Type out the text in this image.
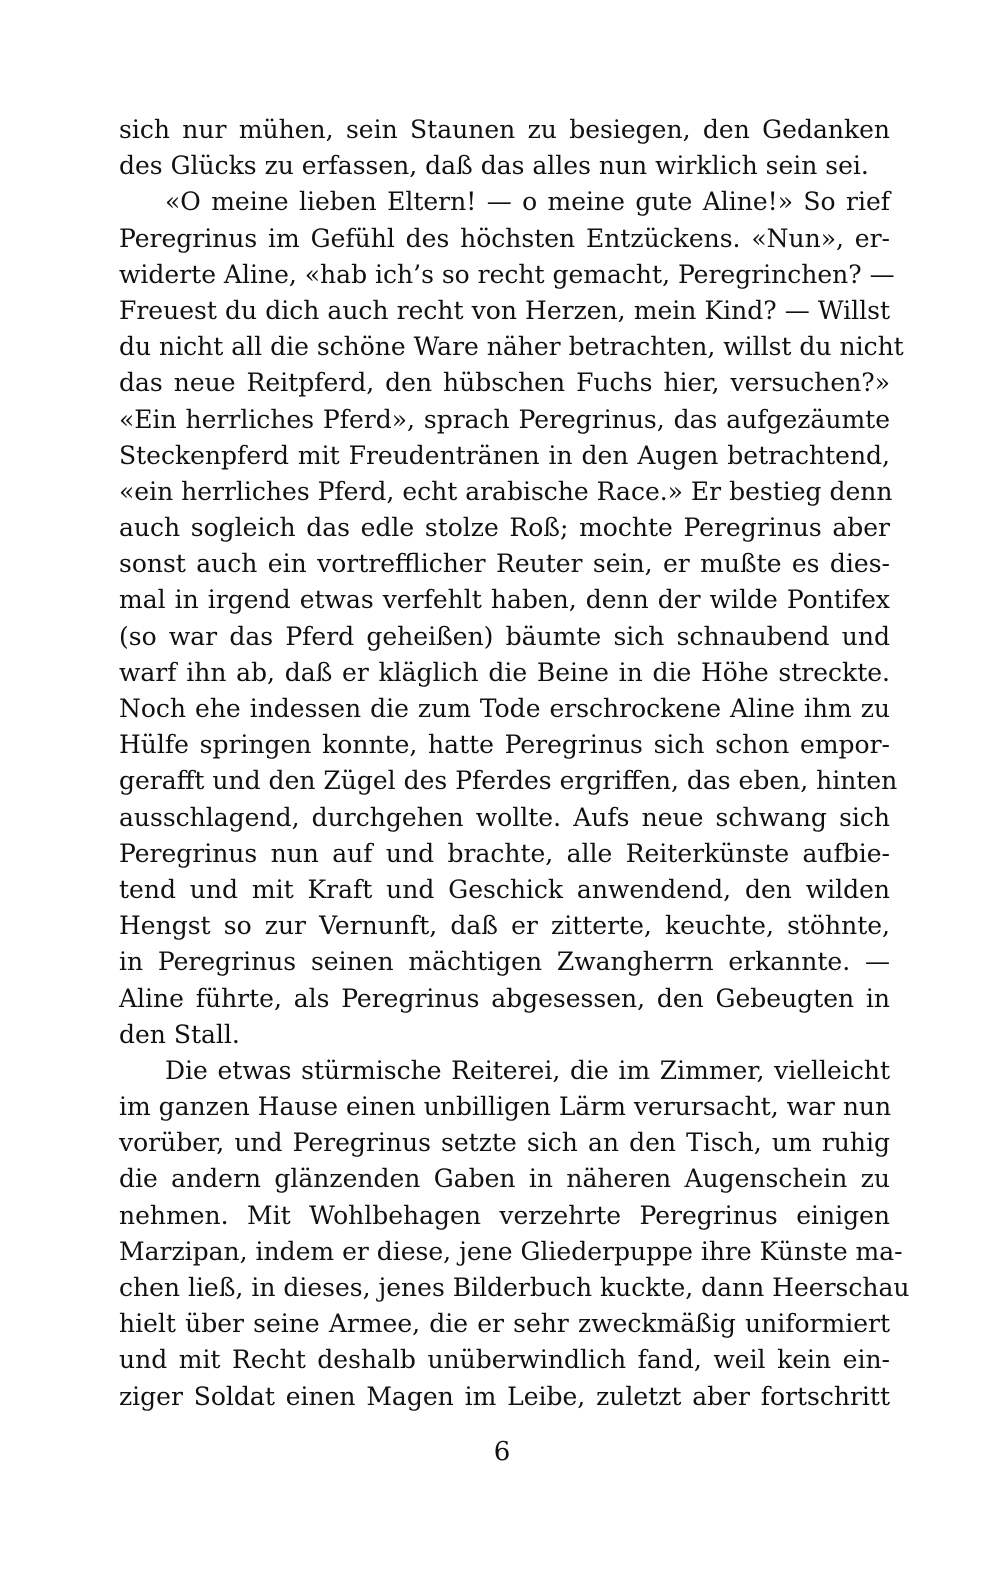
sich nur mühen, sein Staunen zu besiegen, den Gedanken
des Glücks zu erfassen, daß das alles nun wirklich sein sei.
«O meine lieben Eltern! — o meine gute Aline!» So rief
Peregrinus im Gefühl des höchsten Entzückens. «Nun», er-
widerte Aline, «hab ich’s so recht gemacht, Peregrinchen? —
Freuest du dich auch recht von Herzen, mein Kind? — Willst
du nicht all die schöne Ware näher betrachten, willst du nicht
das neue Reitpferd, den hübschen Fuchs hier, versuchen?»
«Ein herrliches Pferd», sprach Peregrinus, das aufgezäumte
Steckenpferd mit Freudentränen in den Augen betrachtend,
«ein herrliches Pferd, echt arabische Race.» Er bestieg denn
auch sogleich das edle stolze Roß; mochte Peregrinus aber
sonst auch ein vortrefflicher Reuter sein, er mußte es dies-
mal in irgend etwas verfehlt haben, denn der wilde Pontifex
(so war das Pferd geheißen) bäumte sich schnaubend und
warf ihn ab, daß er kläglich die Beine in die Höhe streckte.
Noch ehe indessen die zum Tode erschrockene Aline ihm zu
Hülfe springen konnte, hatte Peregrinus sich schon empor-
gerafft und den Zügel des Pferdes ergriffen, das eben, hinten
ausschlagend, durchgehen wollte. Aufs neue schwang sich
Peregrinus nun auf und brachte, alle Reiterkünste aufbie-
tend und mit Kraft und Geschick anwendend, den wilden
Hengst so zur Vernunft, daß er zitterte, keuchte, stöhnte,
in Peregrinus seinen mächtigen Zwangherrn erkannte. —
Aline führte, als Peregrinus abgesessen, den Gebeugten in
den Stall.
Die etwas stürmische Reiterei, die im Zimmer, vielleicht
im ganzen Hause einen unbilligen Lärm verursacht, war nun
vorüber, und Peregrinus setzte sich an den Tisch, um ruhig
die andern glänzenden Gaben in näheren Augenschein zu
nehmen. Mit Wohlbehagen verzehrte Peregrinus einigen
Marzipan, indem er diese, jene Gliederpuppe ihre Künste ma-
chen ließ, in dieses, jenes Bilderbuch kuckte, dann Heerschau
hielt über seine Armee, die er sehr zweckmäßig uniformiert
und mit Recht deshalb unüberwindlich fand, weil kein ein-
ziger Soldat einen Magen im Leibe, zuletzt aber fortschritt
6
